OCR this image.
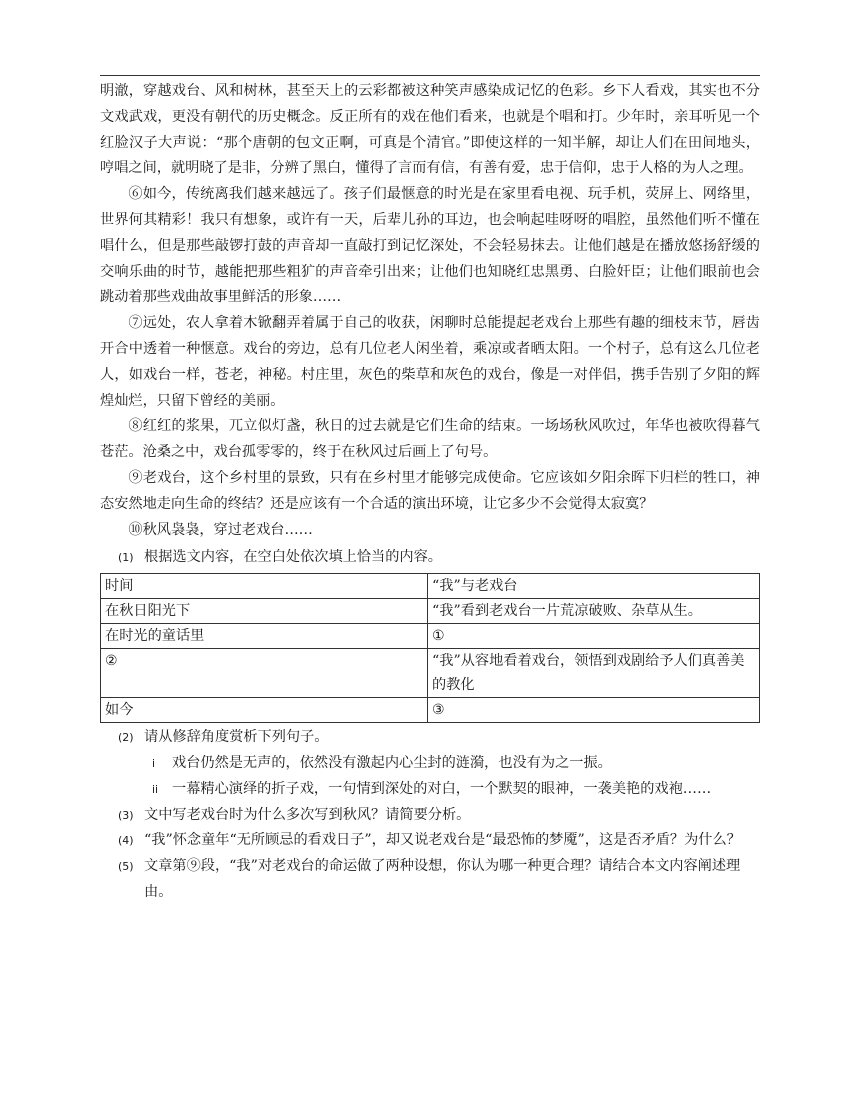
明澈，穿越戏台、风和树林，甚至天上的云彩都被这种笑声感染成记忆的色彩。乡下人看戏，其实也不分文戏武戏，更没有朝代的历史概念。反正所有的戏在他们看来，也就是个唱和打。少年时，亲耳听见一个红脸汉子大声说：“那个唐朝的包文正啊，可真是个清官。”即使这样的一知半解，却让人们在田间地头，哼唱之间，就明晓了是非，分辨了黑白，懂得了言而有信，有善有爱，忠于信仰，忠于人格的为人之理。

⑥如今，传统离我们越来越远了。孩子们最惬意的时光是在家里看电视、玩手机，荧屏上、网络里，世界何其精彩！我只有想象，或许有一天，后辈儿孙的耳边，也会响起哇呀呀的唱腔，虽然他们听不懂在唱什么，但是那些敲锣打鼓的声音却一直敲打到记忆深处，不会轻易抹去。让他们越是在播放悠扬舒缓的交响乐曲的时节，越能把那些粗犷的声音牵引出来；让他们也知晓红忠黑勇、白脸奸臣；让他们眼前也会跳动着那些戏曲故事里鲜活的形象……

⑦远处，农人拿着木锨翻弄着属于自己的收获，闲聊时总能提起老戏台上那些有趣的细枝末节，唇齿开合中透着一种惬意。戏台的旁边，总有几位老人闲坐着，乘凉或者晒太阳。一个村子，总有这么几位老人，如戏台一样，苍老，神秘。村庄里，灰色的柴草和灰色的戏台，像是一对伴侣，携手告别了夕阳的辉煌灿烂，只留下曾经的美丽。

⑧红红的浆果，兀立似灯盏，秋日的过去就是它们生命的结束。一场场秋风吹过，年华也被吹得暮气苍茫。沧桑之中，戏台孤零零的，终于在秋风过后画上了句号。

⑨老戏台，这个乡村里的景致，只有在乡村里才能够完成使命。它应该如夕阳余晖下归栏的牲口，神态安然地走向生命的终结？还是应该有一个合适的演出环境，让它多少不会觉得太寂寞？

⑩秋风袅袅，穿过老戏台……

(1) 根据选文内容，在空白处依次填上恰当的内容。
时间	“我”与老戏台
在秋日阳光下	“我”看到老戏台一片荒凉破败、杂草从生。
在时光的童话里	①
②	“我”从容地看着戏台，领悟到戏剧给予人们真善美的教化
如今	③
(2) 请从修辞角度赏析下列句子。
i	戏台仍然是无声的，依然没有激起内心尘封的涟漪，也没有为之一振。
ii 一幕精心演绎的折子戏，一句情到深处的对白，一个默契的眼神，一袭美艳的戏袍……
(3) 文中写老戏台时为什么多次写到秋风？请简要分析。
(4) “我”怀念童年“无所顾忌的看戏日子”，却又说老戏台是“最恐怖的梦魇”，这是否矛盾？为什么？
(5) 文章第⑨段，“我”对老戏台的命运做了两种设想，你认为哪一种更合理？请结合本文内容阐述理由。
